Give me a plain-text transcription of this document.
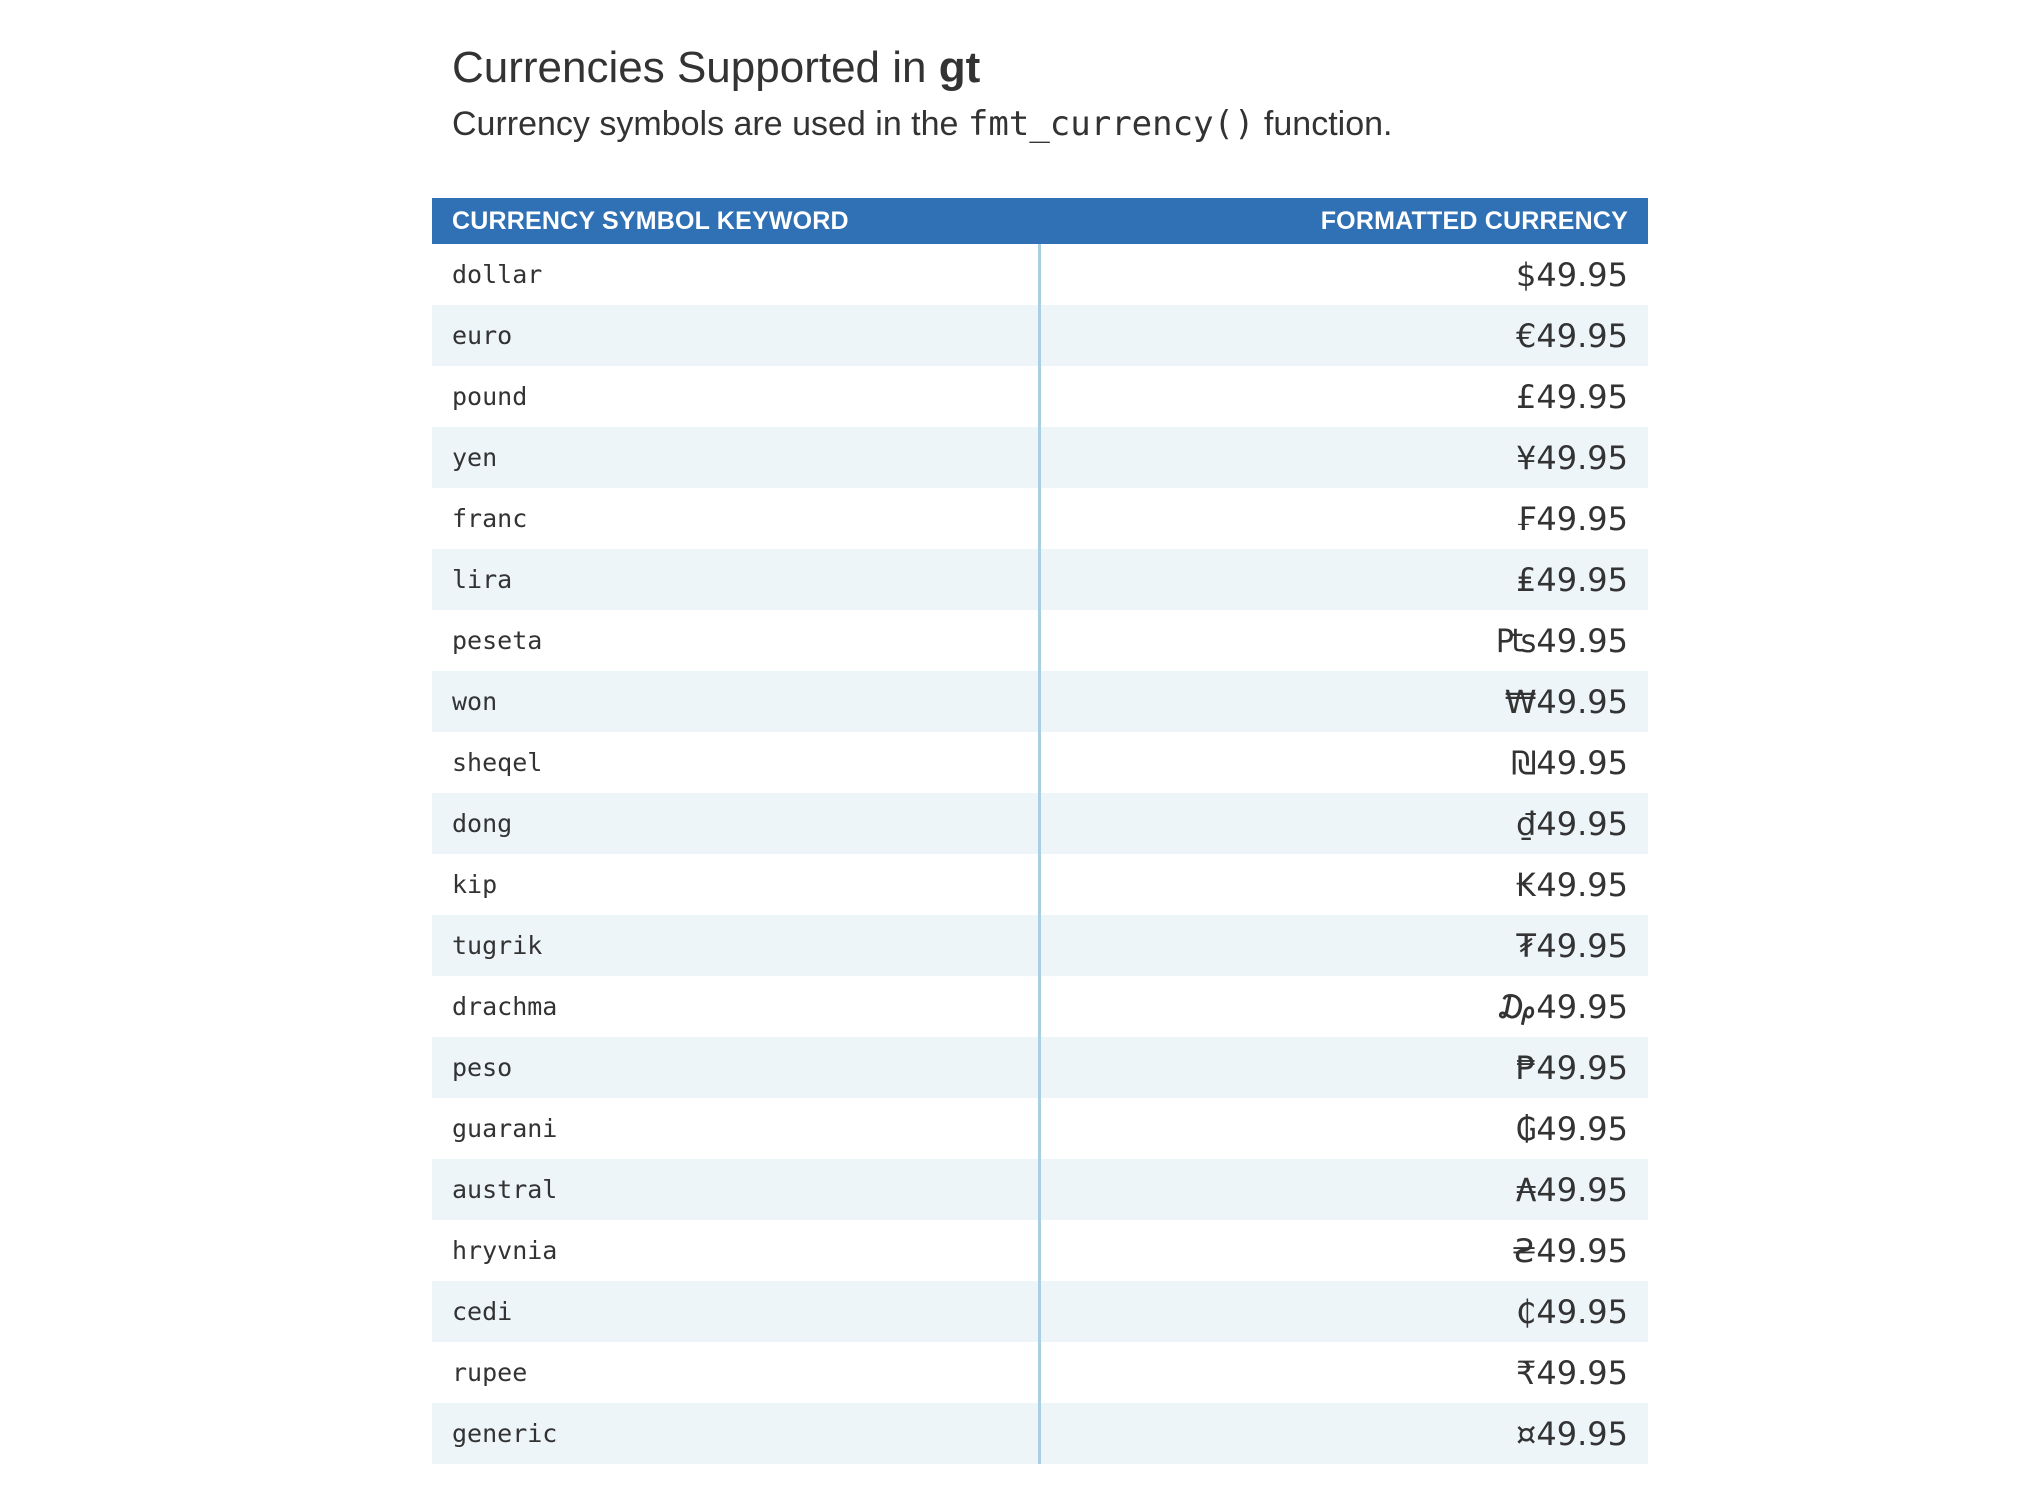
Currencies Supported in gt
Currency symbols are used in the fmt_currency() function.
CURRENCY SYMBOL KEYWORD	FORMATTED CURRENCY
dollar	$49.95
euro	€49.95
pound	£49.95
yen	¥49.95
franc	₣49.95
lira	₤49.95
peseta	₧49.95
won	₩49.95
sheqel	₪49.95
dong	₫49.95
kip	₭49.95
tugrik	₮49.95
drachma	₯49.95
peso	₱49.95
guarani	₲49.95
austral	₳49.95
hryvnia	₴49.95
cedi	₵49.95
rupee	₹49.95
generic	¤49.95
